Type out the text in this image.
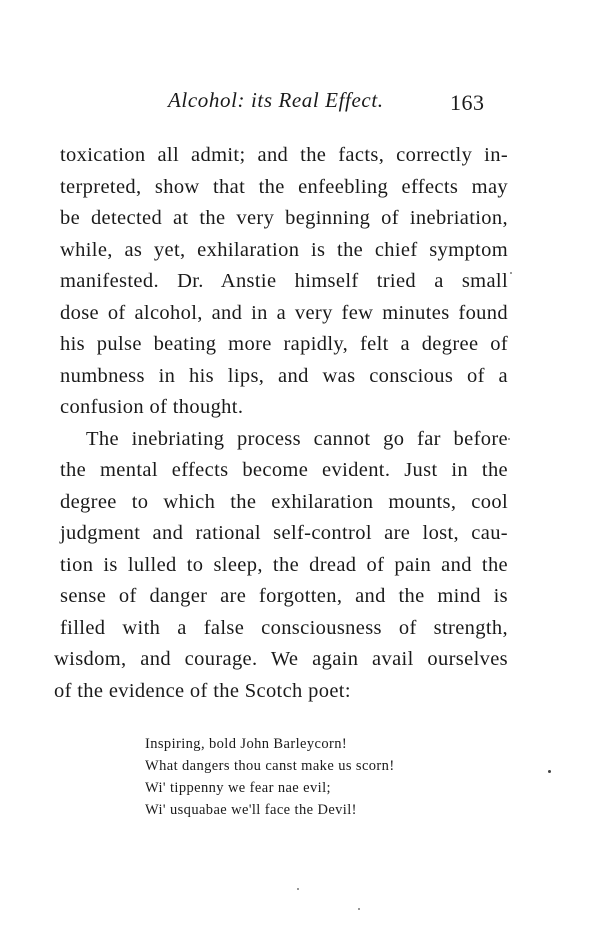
Alcohol: its Real Effect.	163
toxication all admit; and the facts, correctly in-
terpreted, show that the enfeebling effects may
be detected at the very beginning of inebriation,
while, as yet, exhilaration is the chief symptom
manifested. Dr. Anstie himself tried a small
dose of alcohol, and in a very few minutes found
his pulse beating more rapidly, felt a degree of
numbness in his lips, and was conscious of a
confusion of thought.
The inebriating process cannot go far before
the mental effects become evident. Just in the
degree to which the exhilaration mounts, cool
judgment and rational self-control are lost, cau-
tion is lulled to sleep, the dread of pain and the
sense of danger are forgotten, and the mind is
filled with a false consciousness of strength,
wisdom, and courage. We again avail ourselves
of the evidence of the Scotch poet:
Inspiring, bold John Barleycorn!
What dangers thou canst make us scorn!
Wi' tippenny we fear nae evil;
Wi' usquabae we'll face the Devil!
